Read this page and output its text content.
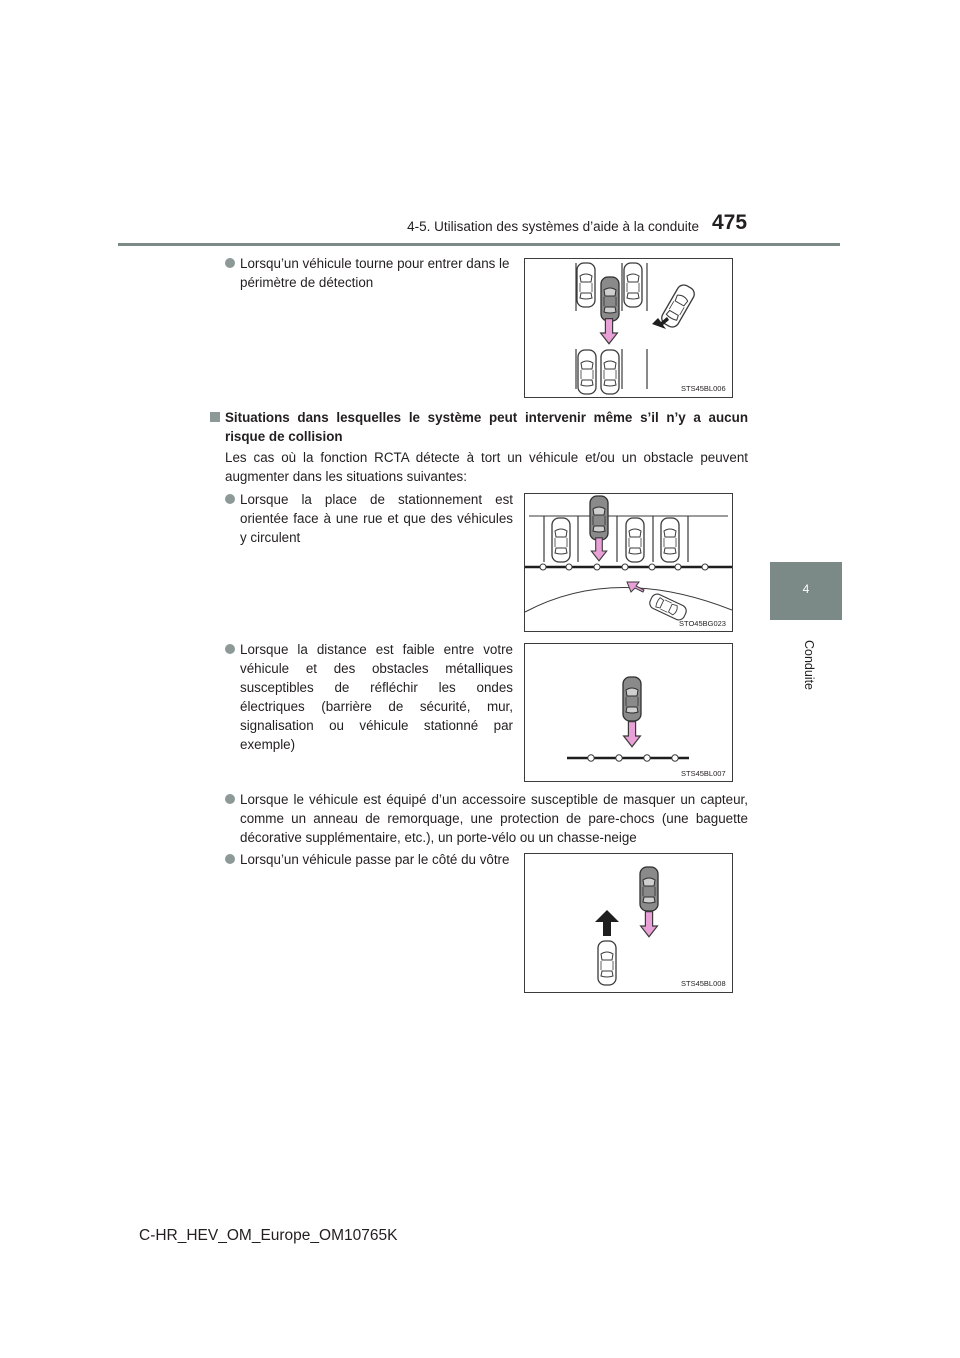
4-5. Utilisation des systèmes d’aide à la conduite 475
4
Conduite
Lorsqu’un véhicule tourne pour entrer dans le périmètre de détection
STS45BL006
Situations dans lesquelles le système peut intervenir même s’il n’y a aucun risque de collision
Les cas où la fonction RCTA détecte à tort un véhicule et/ou un obstacle peuvent augmenter dans les situations suivantes:
Lorsque la place de stationnement est orientée face à une rue et que des véhicules y circulent
STO45BG023
Lorsque la distance est faible entre votre véhicule et des obstacles métalliques susceptibles de réfléchir les ondes électriques (barrière de sécurité, mur, signalisation ou véhicule stationné par exemple)
STS45BL007
Lorsque le véhicule est équipé d’un accessoire susceptible de masquer un capteur, comme un anneau de remorquage, une protection de pare-chocs (une baguette décorative supplémentaire, etc.), un porte-vélo ou un chasse-neige
Lorsqu’un véhicule passe par le côté du vôtre
STS45BL008
C-HR_HEV_OM_Europe_OM10765K
